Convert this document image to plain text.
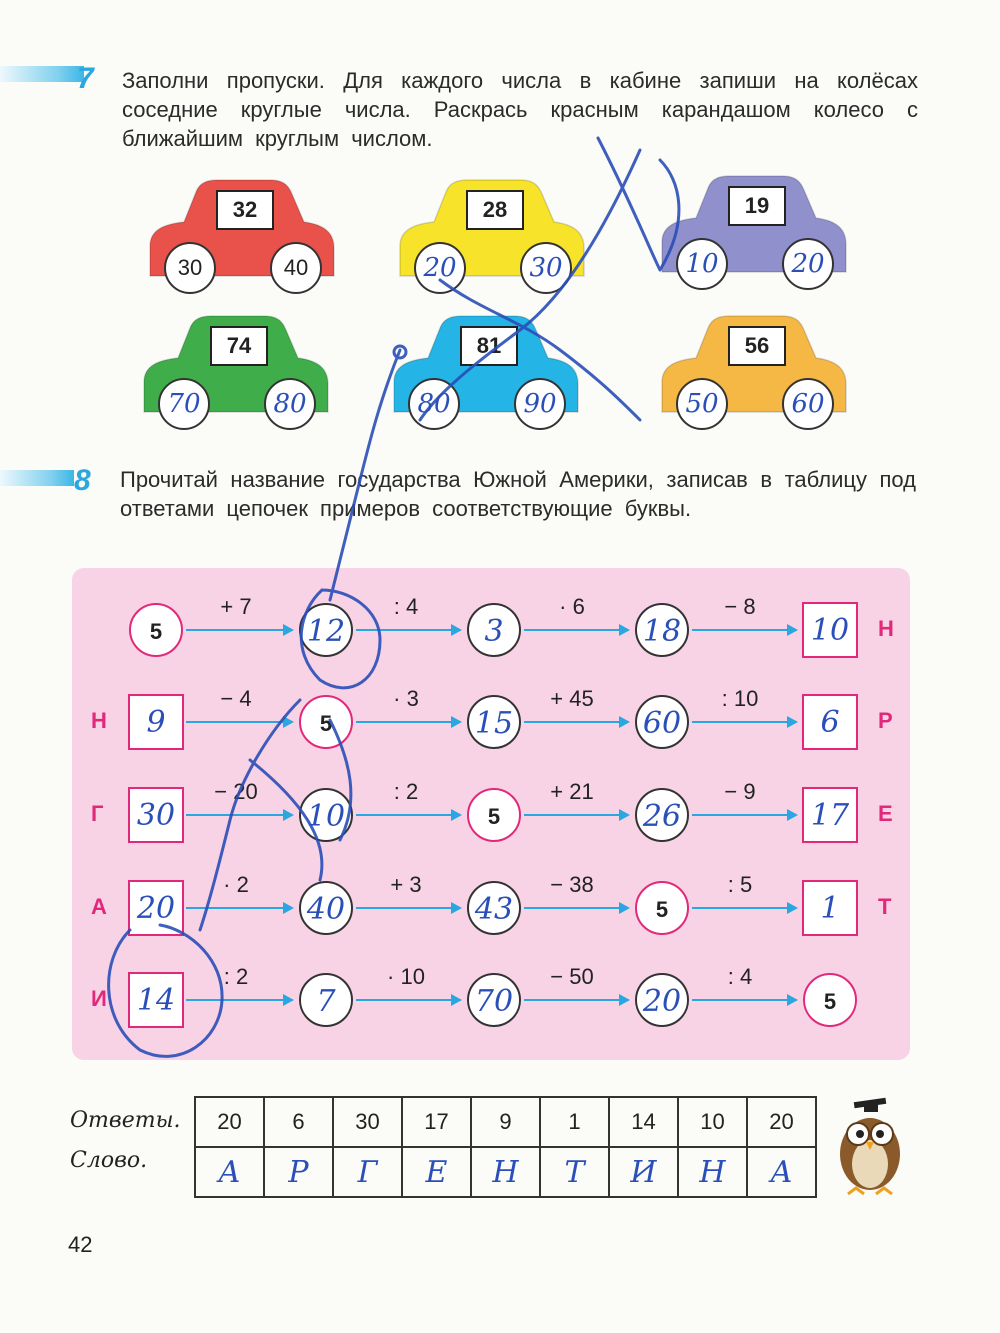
7 Заполни пропуски. Для каждого числа в кабине запиши на колёсах соседние круглые числа. Раскрась красным карандашом колесо с ближайшим круглым числом.
32
30	40
28
20	30
19
10	20
74
70	80
81
80	90
56
50	60
8 Прочитай название государства Южной Америки, записав в таблицу под ответами цепочек примеров соответствующие буквы.
5	12	3	18	10
+ 7	: 4	· 6	− 8
Н
9	5	15	60	6
− 4	· 3	+ 45	: 10
Н	Р
30	10	5	26	17
− 20	: 2	+ 21	− 9
Г	Е
20	40	43	5	1
· 2	+ 3	− 38	: 5
А	Т
14	7	70	20	5
: 2	· 10	− 50	: 4
И
Ответы.
Слово.
20	6	30	17	9	1	14	10	20
А	Р	Г	Е	Н	Т	И	Н	А
42
